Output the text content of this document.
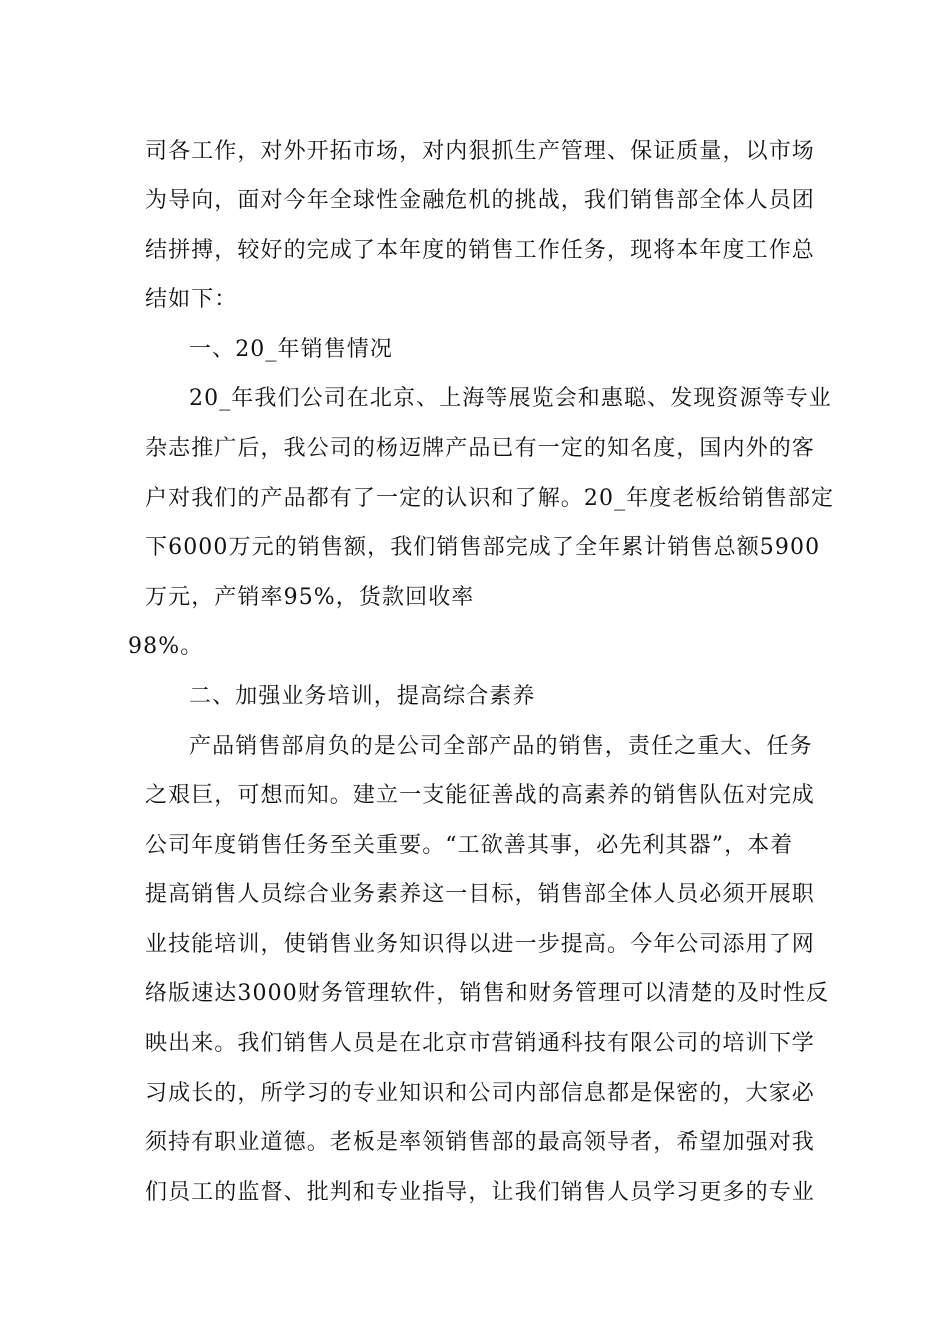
司各工作，对外开拓市场，对内狠抓生产管理、保证质量，以市场
为导向，面对今年全球性金融危机的挑战，我们销售部全体人员团
结拼搏，较好的完成了本年度的销售工作任务，现将本年度工作总
结如下：
一、20_年销售情况
20_年我们公司在北京、上海等展览会和惠聪、发现资源等专业
杂志推广后，我公司的杨迈牌产品已有一定的知名度，国内外的客
户对我们的产品都有了一定的认识和了解。20_年度老板给销售部定
下6000万元的销售额，我们销售部完成了全年累计销售总额5900
万元，产销率95%，货款回收率
98%。
二、加强业务培训，提高综合素养
产品销售部肩负的是公司全部产品的销售，责任之重大、任务
之艰巨，可想而知。建立一支能征善战的高素养的销售队伍对完成
公司年度销售任务至关重要。“工欲善其事，必先利其器”，本着
提高销售人员综合业务素养这一目标，销售部全体人员必须开展职
业技能培训，使销售业务知识得以进一步提高。今年公司添用了网
络版速达3000财务管理软件，销售和财务管理可以清楚的及时性反
映出来。我们销售人员是在北京市营销通科技有限公司的培训下学
习成长的，所学习的专业知识和公司内部信息都是保密的，大家必
须持有职业道德。老板是率领销售部的最高领导者，希望加强对我
们员工的监督、批判和专业指导，让我们销售人员学习更多的专业
